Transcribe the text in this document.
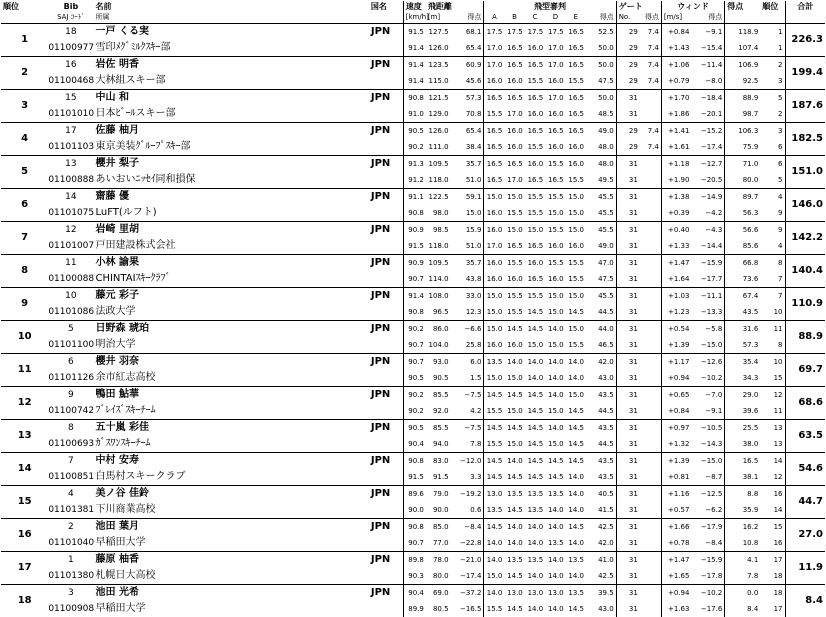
順位	Bib	名前	国名	速度	飛距離		飛型審判						ゲート		ウィンド		得点	順位	合計
	SAJ ｺｰﾄﾞ	所属		[km/h]	[m]	得点	A	B	C	D	E	得点	No.	得点	[m/s]	得点			
1	18	一戸 くる実	JPN	91.5	127.5	68.1	17.5	17.5	17.5	17.5	16.5	52.5	29	7.4	+0.84	−9.1	118.9	1	226.3
	01100977	雪印ﾒｸﾞﾐﾙｸｽｷｰ部		91.4	126.0	65.4	17.0	16.5	16.0	17.0	16.5	50.0	29	7.4	+1.43	−15.4	107.4	1	
2	16	岩佐 明香	JPN	91.4	123.5	60.9	17.0	16.5	16.5	17.0	16.5	50.0	29	7.4	+1.06	−11.4	106.9	2	199.4
	01100468	大林組スキー部		91.4	115.0	45.6	16.0	16.0	15.5	16.0	15.5	47.5	29	7.4	+0.79	−8.0	92.5	3	
3	15	中山 和	JPN	90.8	121.5	57.3	16.5	16.5	16.5	17.0	16.5	50.0	31		+1.70	−18.4	88.9	5	187.6
	01101010	日本ﾋﾞｰﾙスキー部		91.0	129.0	70.8	15.5	17.0	16.0	16.0	16.5	48.5	31		+1.86	−20.1	98.7	2	
4	17	佐藤 柚月	JPN	90.5	126.0	65.4	16.5	16.0	16.5	16.5	16.5	49.0	29	7.4	+1.41	−15.2	106.3	3	182.5
	01101103	東京美装ｸﾞﾙｰﾌﾟｽｷｰ部		90.2	111.0	38.4	16.5	16.0	15.5	16.0	16.0	48.0	29	7.4	+1.61	−17.4	75.9	6	
5	13	櫻井 梨子	JPN	91.3	109.5	35.7	16.5	16.5	16.0	15.5	16.0	48.0	31		+1.18	−12.7	71.0	6	151.0
	01100888	あいおいﾆｯｾｲ同和損保		91.2	118.0	51.0	16.5	17.0	16.5	16.5	15.5	49.5	31		+1.90	−20.5	80.0	5	
6	14	齋藤 優	JPN	91.1	122.5	59.1	15.0	15.0	15.5	15.5	15.0	45.5	31		+1.38	−14.9	89.7	4	146.0
	01101075	LuFT(ルフト)		90.8	98.0	15.0	16.0	15.5	15.5	15.0	15.0	45.5	31		+0.39	−4.2	56.3	9	
7	12	岩崎 里胡	JPN	90.9	98.5	15.9	16.0	15.0	15.0	15.5	15.0	45.5	31		+0.40	−4.3	56.6	9	142.2
	01101007	戸田建設株式会社		91.5	118.0	51.0	17.0	16.5	16.5	16.0	16.0	49.0	31		+1.33	−14.4	85.6	4	
8	11	小林 諭果	JPN	90.9	109.5	35.7	16.0	15.5	16.0	15.5	15.5	47.0	31		+1.47	−15.9	66.8	8	140.4
	01100088	CHINTAIｽｷｰｸﾗﾌﾞ		90.7	114.0	43.8	16.0	16.0	16.5	16.0	15.5	47.5	31		+1.64	−17.7	73.6	7	
9	10	藤元 彩子	JPN	91.4	108.0	33.0	15.0	15.5	15.5	15.0	15.0	45.5	31		+1.03	−11.1	67.4	7	110.9
	01101086	法政大学		90.8	96.5	12.3	15.0	15.5	14.5	15.0	14.5	44.5	31		+1.23	−13.3	43.5	10	
10	5	日野森 琥珀	JPN	90.2	86.0	−6.6	15.0	14.5	14.5	14.0	15.0	44.0	31		+0.54	−5.8	31.6	11	88.9
	01101100	明治大学		90.7	104.0	25.8	16.0	16.0	15.0	15.0	15.5	46.5	31		+1.39	−15.0	57.3	8	
11	6	櫻井 羽奈	JPN	90.7	93.0	6.0	13.5	14.0	14.0	14.0	14.0	42.0	31		+1.17	−12.6	35.4	10	69.7
	01101126	余市紅志高校		90.5	90.5	1.5	15.0	15.0	14.0	14.0	14.0	43.0	31		+0.94	−10.2	34.3	15	
12	9	鴨田 鮎華	JPN	90.2	85.5	−7.5	14.5	14.5	14.5	14.0	15.0	43.5	31		+0.65	−7.0	29.0	12	68.6
	01100742	ﾌﾞﾚｲｽﾞｽｷｰﾁｰﾑ		90.2	92.0	4.2	15.5	15.0	14.5	15.0	14.5	44.5	31		+0.84	−9.1	39.6	11	
13	8	五十嵐 彩佳	JPN	90.5	85.5	−7.5	14.5	14.5	14.5	14.0	14.5	43.5	31		+0.97	−10.5	25.5	13	63.5
	01100693	ｶﾞｽﾜﾝｽｷｰﾁｰﾑ		90.4	94.0	7.8	15.5	15.0	14.5	15.0	14.5	44.5	31		+1.32	−14.3	38.0	13	
14	7	中村 安寿	JPN	90.8	83.0	−12.0	14.5	14.0	14.5	14.5	14.5	43.5	31		+1.39	−15.0	16.5	14	54.6
	01100851	白馬村スキークラブ		91.5	91.5	3.3	14.5	14.5	14.5	14.5	14.0	43.5	31		+0.81	−8.7	38.1	12	
15	4	美ノ谷 佳鈴	JPN	89.6	79.0	−19.2	13.0	13.5	13.5	13.5	14.0	40.5	31		+1.16	−12.5	8.8	16	44.7
	01101381	下川商業高校		90.0	90.0	0.6	13.5	14.5	13.5	14.0	14.0	41.5	31		+0.57	−6.2	35.9	14	
16	2	池田 葉月	JPN	90.8	85.0	−8.4	14.5	14.0	14.0	14.0	14.5	42.5	31		+1.66	−17.9	16.2	15	27.0
	01101040	早稲田大学		90.7	77.0	−22.8	14.0	14.0	14.0	13.5	14.0	42.0	31		+0.78	−8.4	10.8	16	
17	1	藤原 柚香	JPN	89.8	78.0	−21.0	14.0	13.5	13.5	14.0	13.5	41.0	31		+1.47	−15.9	4.1	17	11.9
	01101380	札幌日大高校		90.3	80.0	−17.4	15.0	14.5	14.0	14.0	14.0	42.5	31		+1.65	−17.8	7.8	18	
18	3	池田 光希	JPN	90.4	69.0	−37.2	14.0	13.0	13.0	13.0	13.5	39.5	31		+0.94	−10.2	0.0	18	8.4
	01100908	早稲田大学		89.9	80.5	−16.5	15.5	14.5	14.0	14.0	14.5	43.0	31		+1.63	−17.6	8.4	17	
